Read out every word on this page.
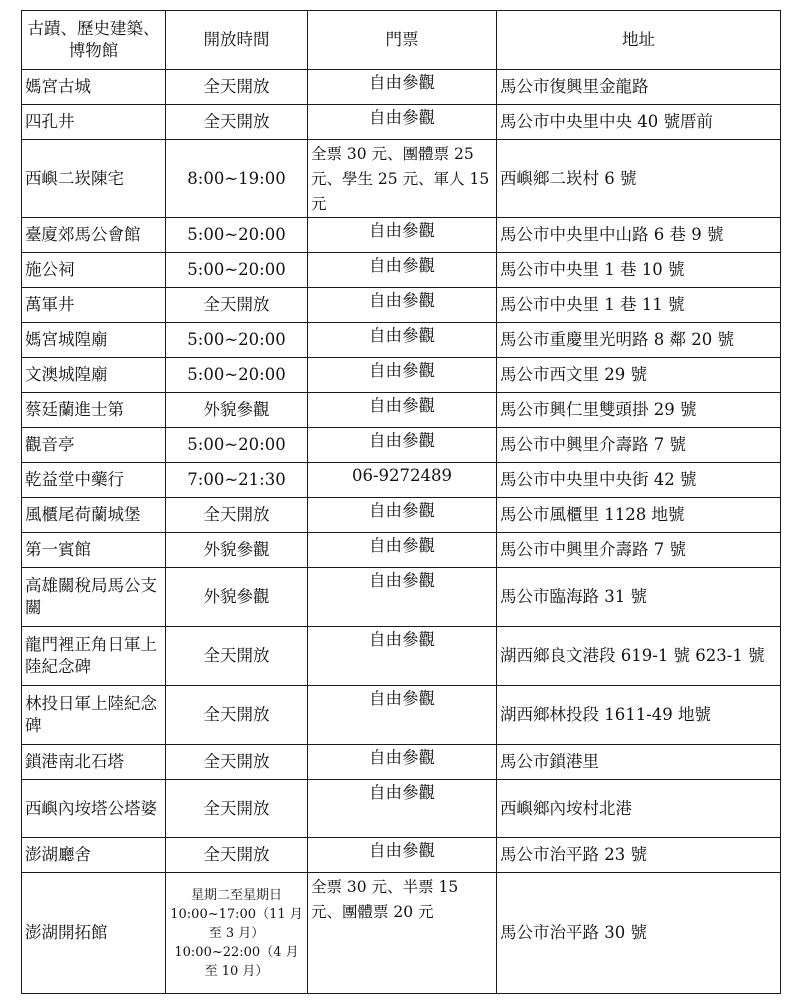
古蹟、歷史建築、博物館	開放時間	門票	地址
媽宮古城	全天開放	自由參觀	馬公市復興里金龍路
四孔井	全天開放	自由參觀	馬公市中央里中央 40 號厝前
西嶼二崁陳宅	8:00~19:00	全票 30 元、團體票 25 元、學生 25 元、軍人 15 元	西嶼鄉二崁村 6 號
臺廈郊馬公會館	5:00~20:00	自由參觀	馬公市中央里中山路 6 巷 9 號
施公祠	5:00~20:00	自由參觀	馬公市中央里 1 巷 10 號
萬軍井	全天開放	自由參觀	馬公市中央里 1 巷 11 號
媽宮城隍廟	5:00~20:00	自由參觀	馬公市重慶里光明路 8 鄰 20 號
文澳城隍廟	5:00~20:00	自由參觀	馬公市西文里 29 號
蔡廷蘭進士第	外貌參觀	自由參觀	馬公市興仁里雙頭掛 29 號
觀音亭	5:00~20:00	自由參觀	馬公市中興里介壽路 7 號
乾益堂中藥行	7:00~21:30	06-9272489	馬公市中央里中央街 42 號
風櫃尾荷蘭城堡	全天開放	自由參觀	馬公市風櫃里 1128 地號
第一賓館	外貌參觀	自由參觀	馬公市中興里介壽路 7 號
高雄關稅局馬公支關	外貌參觀	自由參觀	馬公市臨海路 31 號
龍門裡正角日軍上陸紀念碑	全天開放	自由參觀	湖西鄉良文港段 619-1 號 623-1 號
林投日軍上陸紀念碑	全天開放	自由參觀	湖西鄉林投段 1611-49 地號
鎖港南北石塔	全天開放	自由參觀	馬公市鎖港里
西嶼內垵塔公塔婆	全天開放	自由參觀	西嶼鄉內垵村北港
澎湖廳舍	全天開放	自由參觀	馬公市治平路 23 號
澎湖開拓館	星期二至星期日
10:00~17:00（11 月至 3 月）
10:00~22:00（4 月至 10 月）	全票 30 元、半票 15 元、團體票 20 元	馬公市治平路 30 號
